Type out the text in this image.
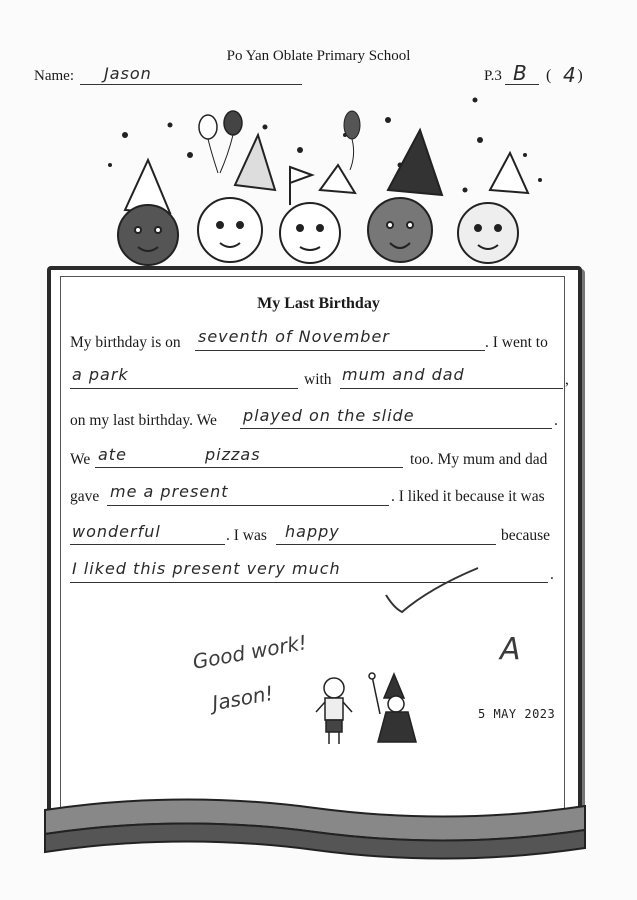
Po Yan Oblate Primary School
Name: Jason	P.3 B ( )
4
My Last Birthday
My birthday is on seventh of November	. I went to
a park	with mum and dad	,
on my last birthday. We played on the slide	.
We ate	pizzas	too. My mum and dad
gave me a present	. I liked it because it was
wonderful	. I was happy	because
I liked this present very much	.
Good work!
Jason!
A
5 MAY 2023
